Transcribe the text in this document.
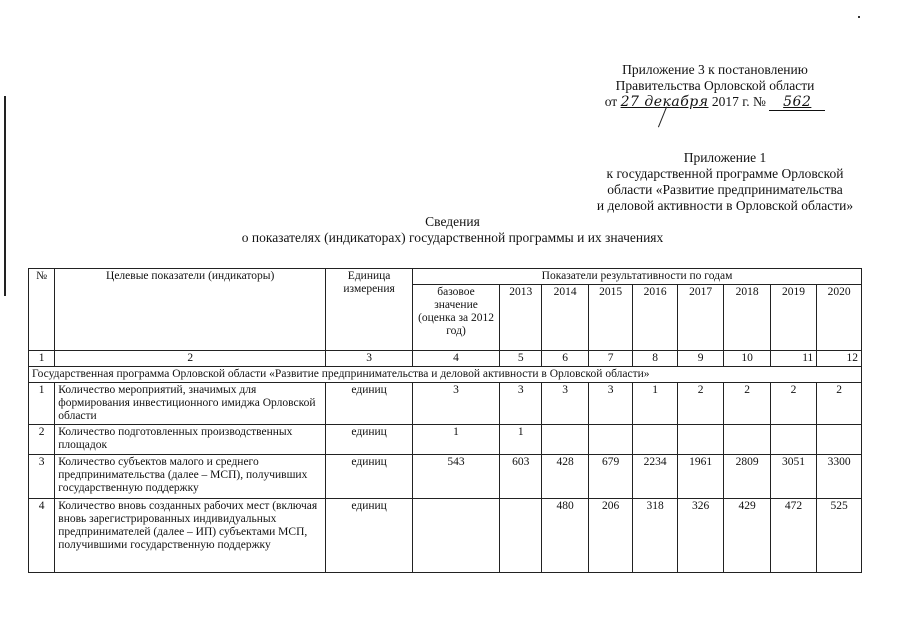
Приложение 3 к постановлению
Правительства Орловской области
от 27 декабря 2017 г. № 562
Приложение 1
к государственной программе Орловской
области «Развитие предпринимательства
и деловой активности в Орловской области»
Сведения
о показателях (индикаторах) государственной программы и их значениях
№	Целевые показатели (индикаторы)	Единица измерения	Показатели результативности по годам								
			базовое значение (оценка за 2012 год)	2013	2014	2015	2016	2017	2018	2019	2020
1	2	3	4	5	6	7	8	9	10	11	12
Государственная программа Орловской области «Развитие предпринимательства и деловой активности в Орловской области»											
1	Количество мероприятий, значимых для формирования инвестиционного имиджа Орловской области	единиц	3	3	3	3	1	2	2	2	2
2	Количество подготовленных производственных площадок	единиц	1	1							
3	Количество субъектов малого и среднего предпринимательства (далее – МСП), получивших государственную поддержку	единиц	543	603	428	679	2234	1961	2809	3051	3300
4	Количество вновь созданных рабочих мест (включая вновь зарегистрированных индивидуальных предпринимателей (далее – ИП) субъектами МСП, получившими государственную поддержку	единиц			480	206	318	326	429	472	525
